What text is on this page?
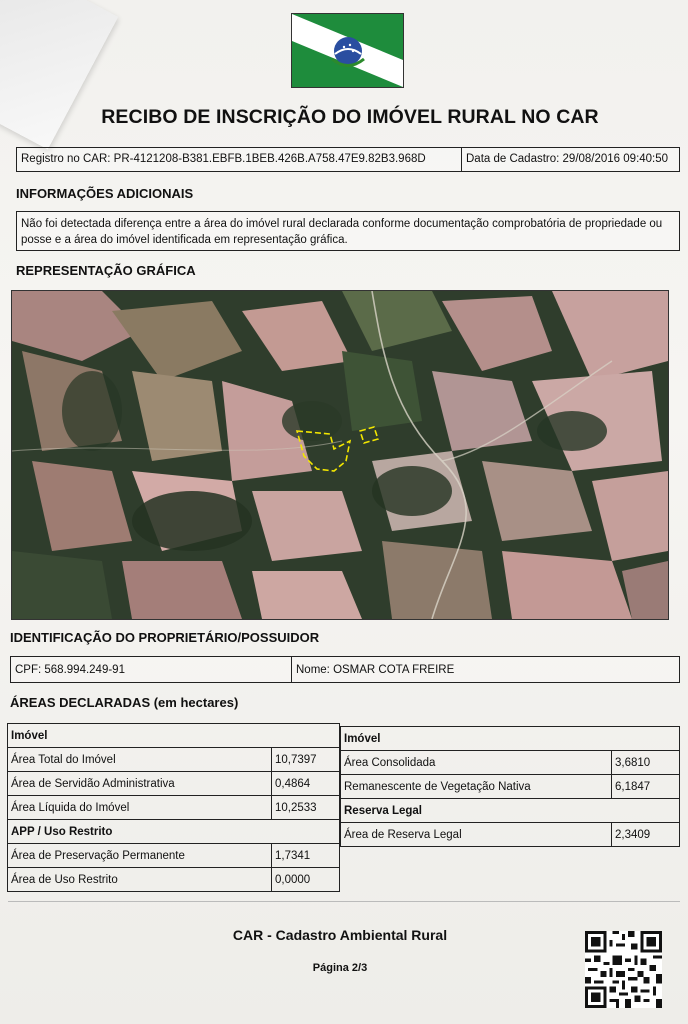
RECIBO DE INSCRIÇÃO DO IMÓVEL RURAL NO CAR
Registro no CAR: PR-4121208-B381.EBFB.1BEB.426B.A758.47E9.82B3.968D	Data de Cadastro: 29/08/2016 09:40:50
INFORMAÇÕES ADICIONAIS
Não foi detectada diferença entre a área do imóvel rural declarada conforme documentação comprobatória de propriedade ou posse e a área do imóvel identificada em representação gráfica.
REPRESENTAÇÃO GRÁFICA
IDENTIFICAÇÃO DO PROPRIETÁRIO/POSSUIDOR
CPF: 568.994.249-91	Nome: OSMAR COTA FREIRE
ÁREAS DECLARADAS (em hectares)
Imóvel	
Área Total do Imóvel	10,7397
Área de Servidão Administrativa	0,4864
Área Líquida do Imóvel	10,2533
APP / Uso Restrito	
Área de Preservação Permanente	1,7341
Área de Uso Restrito	0,0000
Imóvel	
Área Consolidada	3,6810
Remanescente de Vegetação Nativa	6,1847
Reserva Legal	
Área de Reserva Legal	2,3409
CAR - Cadastro Ambiental Rural
Página 2/3
